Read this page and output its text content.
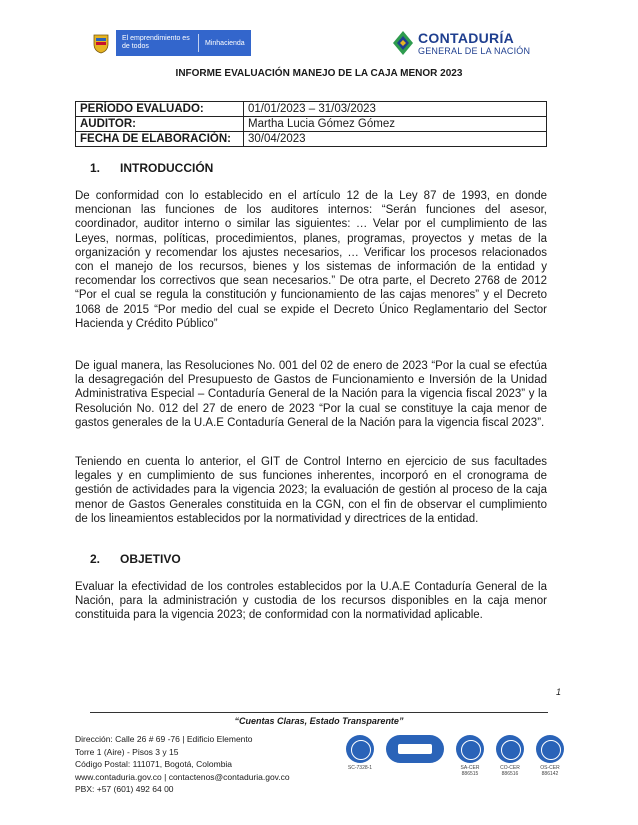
El emprendimiento es de todos	Minhacienda	CONTADURÍA
GENERAL DE LA NACIÓN
INFORME EVALUACIÓN MANEJO DE LA CAJA MENOR 2023
PERÍODO EVALUADO:	01/01/2023 – 31/03/2023
AUDITOR:	Martha Lucia Gómez Gómez
FECHA DE ELABORACIÓN:	30/04/2023
1. INTRODUCCIÓN
De conformidad con lo establecido en el artículo 12 de la Ley 87 de 1993, en donde mencionan las funciones de los auditores internos: “Serán funciones del asesor, coordinador, auditor interno o similar las siguientes: … Velar por el cumplimiento de las Leyes, normas, políticas, procedimientos, planes, programas, proyectos y metas de la organización y recomendar los ajustes necesarios, … Verificar los procesos relacionados con el manejo de los recursos, bienes y los sistemas de información de la entidad y recomendar los correctivos que sean necesarios.” De otra parte, el Decreto 2768 de 2012 “Por el cual se regula la constitución y funcionamiento de las cajas menores” y el Decreto 1068 de 2015 “Por medio del cual se expide el Decreto Único Reglamentario del Sector Hacienda y Crédito Público”
De igual manera, las Resoluciones No. 001 del 02 de enero de 2023 “Por la cual se efectúa la desagregación del Presupuesto de Gastos de Funcionamiento e Inversión de la Unidad Administrativa Especial – Contaduría General de la Nación para la vigencia fiscal 2023” y la Resolución No. 012 del 27 de enero de 2023 “Por la cual se constituye la caja menor de gastos generales de la U.A.E Contaduría General de la Nación para la vigencia fiscal 2023”.
Teniendo en cuenta lo anterior, el GIT de Control Interno en ejercicio de sus facultades legales y en cumplimiento de sus funciones inherentes, incorporó en el cronograma de gestión de actividades para la vigencia 2023; la evaluación de gestión al proceso de la caja menor de Gastos Generales constituida en la CGN, con el fin de observar el cumplimiento de los lineamientos establecidos por la normatividad y directrices de la entidad.
2. OBJETIVO
Evaluar la efectividad de los controles establecidos por la U.A.E Contaduría General de la Nación, para la administración y custodia de los recursos disponibles en la caja menor constituida para la vigencia 2023; de conformidad con la normatividad aplicable.
1
“Cuentas Claras, Estado Transparente”
Dirección: Calle 26 # 69 -76 | Edificio Elemento
Torre 1 (Aire) - Pisos 3 y 15
Código Postal: 111071, Bogotá, Colombia
www.contaduria.gov.co | contactenos@contaduria.gov.co
PBX: +57 (601) 492 64 00
SC-7328-1	SA-CER 886515
CO-CER 886516
OS-CER 886142
